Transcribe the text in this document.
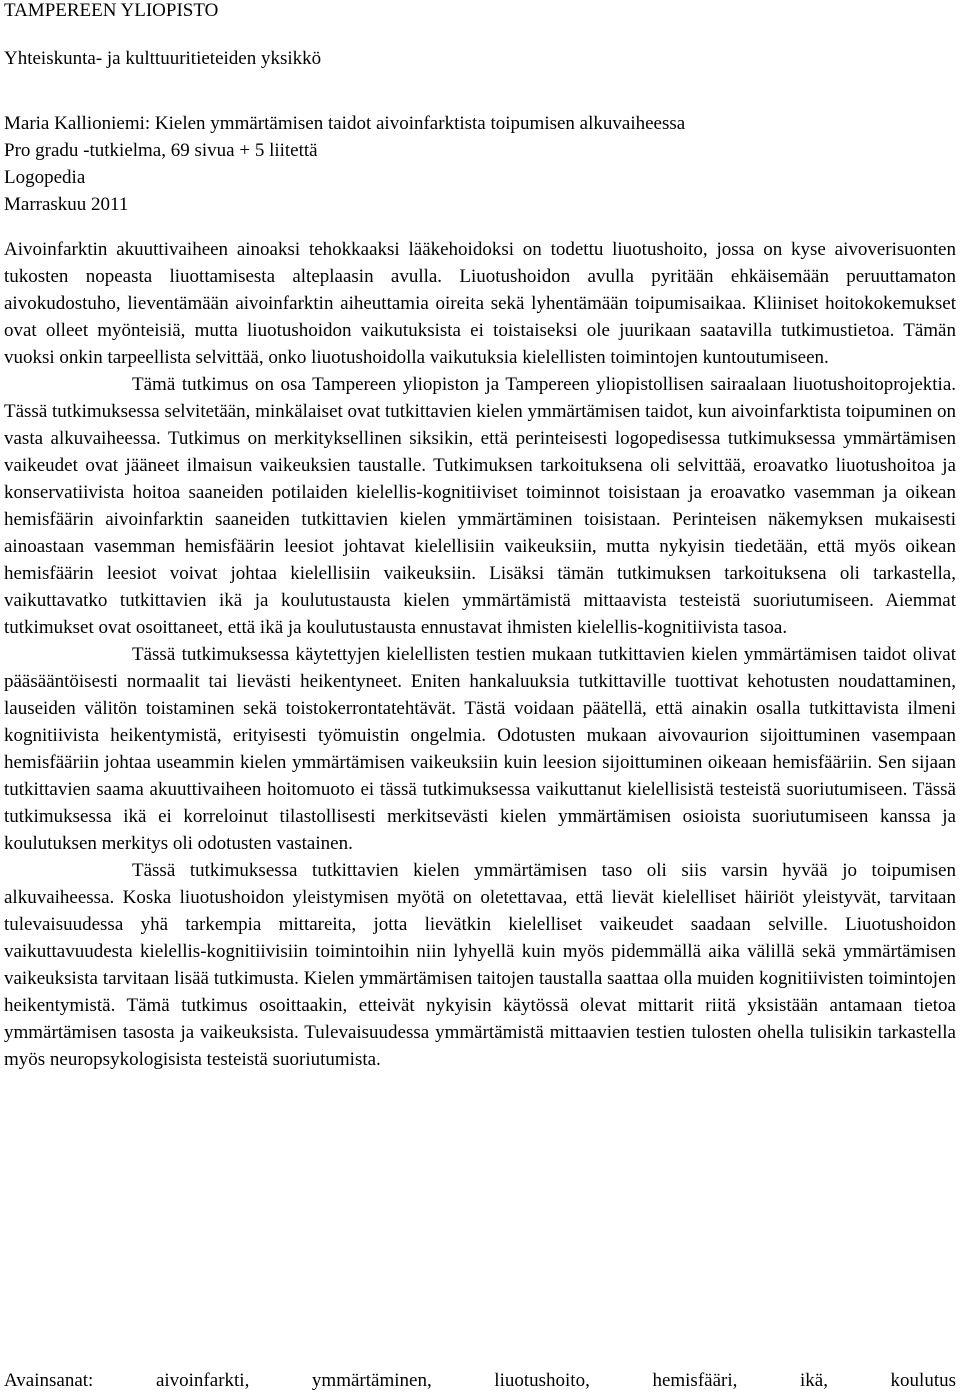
TAMPEREEN YLIOPISTO

Yhteiskunta- ja kulttuuritieteiden yksikkö

Maria Kallioniemi: Kielen ymmärtämisen taidot aivoinfarktista toipumisen alkuvaiheessa

Pro gradu -tutkielma, 69 sivua + 5 liitettä

Logopedia

Marraskuu 2011

Aivoinfarktin akuuttivaiheen ainoaksi tehokkaaksi lääkehoidoksi on todettu liuotushoito, jossa on kyse aivoverisuonten tukosten nopeasta liuottamisesta alteplaasin avulla. Liuotushoidon avulla pyritään ehkäisemään peruuttamaton aivokudostuho, lieventämään aivoinfarktin aiheuttamia oireita sekä lyhentämään toipumisaikaa. Kliiniset hoitokokemukset ovat olleet myönteisiä, mutta liuotushoidon vaikutuksista ei toistaiseksi ole juurikaan saatavilla tutkimustietoa. Tämän vuoksi onkin tarpeellista selvittää, onko liuotushoidolla vaikutuksia kielellisten toimintojen kuntoutumiseen.

Tämä tutkimus on osa Tampereen yliopiston ja Tampereen yliopistollisen sairaalaan liuotushoitoprojektia. Tässä tutkimuksessa selvitetään, minkälaiset ovat tutkittavien kielen ymmärtämisen taidot, kun aivoinfarktista toipuminen on vasta alkuvaiheessa. Tutkimus on merkityksellinen siksikin, että perinteisesti logopedisessa tutkimuksessa ymmärtämisen vaikeudet ovat jääneet ilmaisun vaikeuksien taustalle. Tutkimuksen tarkoituksena oli selvittää, eroavatko liuotushoitoa ja konservatiivista hoitoa saaneiden potilaiden kielellis-kognitiiviset toiminnot toisistaan ja eroavatko vasemman ja oikean hemisfäärin aivoinfarktin saaneiden tutkittavien kielen ymmärtäminen toisistaan. Perinteisen näkemyksen mukaisesti ainoastaan vasemman hemisfäärin leesiot johtavat kielellisiin vaikeuksiin, mutta nykyisin tiedetään, että myös oikean hemisfäärin leesiot voivat johtaa kielellisiin vaikeuksiin. Lisäksi tämän tutkimuksen tarkoituksena oli tarkastella, vaikuttavatko tutkittavien ikä ja koulutustausta kielen ymmärtämistä mittaavista testeistä suoriutumiseen. Aiemmat tutkimukset ovat osoittaneet, että ikä ja koulutustausta ennustavat ihmisten kielellis-kognitiivista tasoa.

Tässä tutkimuksessa käytettyjen kielellisten testien mukaan tutkittavien kielen ymmärtämisen taidot olivat pääsääntöisesti normaalit tai lievästi heikentyneet. Eniten hankaluuksia tutkittaville tuottivat kehotusten noudattaminen, lauseiden välitön toistaminen sekä toistokerrontatehtävät. Tästä voidaan päätellä, että ainakin osalla tutkittavista ilmeni kognitiivista heikentymistä, erityisesti työmuistin ongelmia. Odotusten mukaan aivovaurion sijoittuminen vasempaan hemisfääriin johtaa useammin kielen ymmärtämisen vaikeuksiin kuin leesion sijoittuminen oikeaan hemisfääriin. Sen sijaan tutkittavien saama akuuttivaiheen hoitomuoto ei tässä tutkimuksessa vaikuttanut kielellisistä testeistä suoriutumiseen. Tässä tutkimuksessa ikä ei korreloinut tilastollisesti merkitsevästi kielen ymmärtämisen osioista suoriutumiseen kanssa ja koulutuksen merkitys oli odotusten vastainen.

Tässä tutkimuksessa tutkittavien kielen ymmärtämisen taso oli siis varsin hyvää jo toipumisen alkuvaiheessa. Koska liuotushoidon yleistymisen myötä on oletettavaa, että lievät kielelliset häiriöt yleistyvät, tarvitaan tulevaisuudessa yhä tarkempia mittareita, jotta lievätkin kielelliset vaikeudet saadaan selville. Liuotushoidon vaikuttavuudesta kielellis-kognitiivisiin toimintoihin niin lyhyellä kuin myös pidemmällä aika välillä sekä ymmärtämisen vaikeuksista tarvitaan lisää tutkimusta. Kielen ymmärtämisen taitojen taustalla saattaa olla muiden kognitiivisten toimintojen heikentymistä. Tämä tutkimus osoittaakin, etteivät nykyisin käytössä olevat mittarit riitä yksistään antamaan tietoa ymmärtämisen tasosta ja vaikeuksista. Tulevaisuudessa ymmärtämistä mittaavien testien tulosten ohella tulisikin tarkastella myös neuropsykologisista testeistä suoriutumista.

Avainsanat: aivoinfarkti, ymmärtäminen, liuotushoito, hemisfääri, ikä, koulutus
